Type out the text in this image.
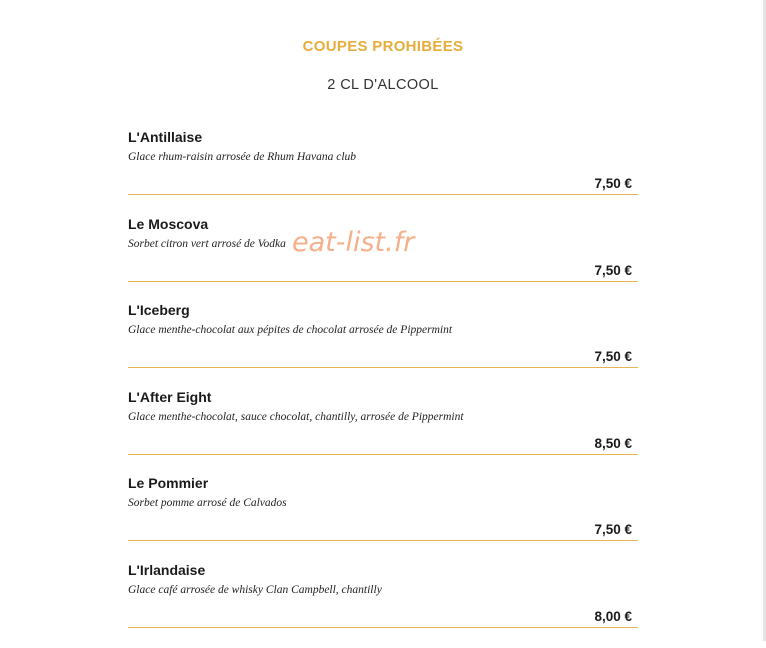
COUPES PROHIBÉES
2 CL D'ALCOOL
L'Antillaise
Glace rhum-raisin arrosée de Rhum Havana club
7,50 €
Le Moscova
Sorbet citron vert arrosé de Vodka
7,50 €
L'Iceberg
Glace menthe-chocolat aux pépites de chocolat arrosée de Pippermint
7,50 €
L'After Eight
Glace menthe-chocolat, sauce chocolat, chantilly, arrosée de Pippermint
8,50 €
Le Pommier
Sorbet pomme arrosé de Calvados
7,50 €
L'Irlandaise
Glace café arrosée de whisky Clan Campbell, chantilly
8,00 €
eat-list.fr
